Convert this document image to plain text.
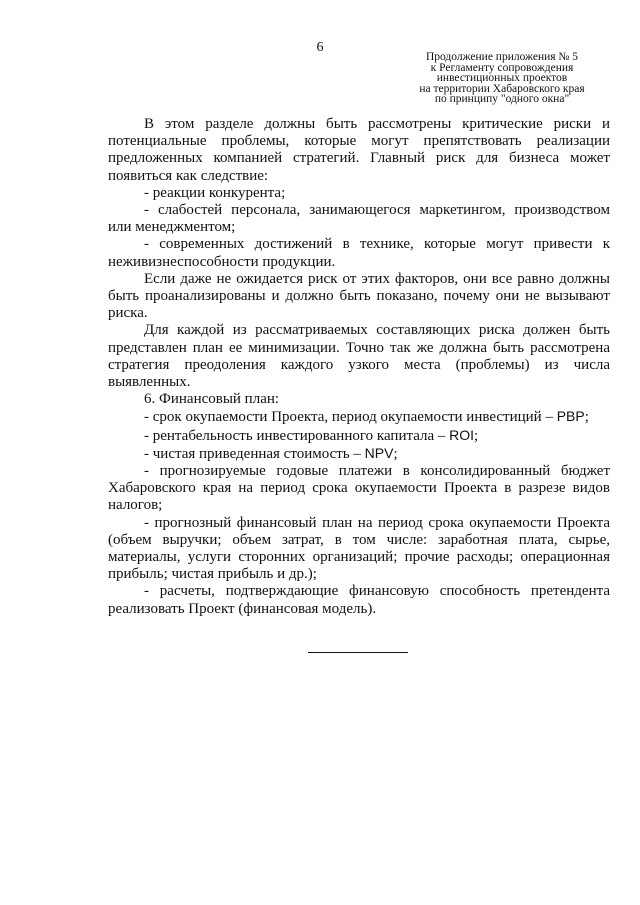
6
Продолжение приложения № 5
к Регламенту сопровождения
инвестиционных проектов
на территории Хабаровского края
по принципу "одного окна"

В этом разделе должны быть рассмотрены критические риски и потенциальные проблемы, которые могут препятствовать реализации предложенных компанией стратегий. Главный риск для бизнеса может появиться как следствие:

- реакции конкурента;

- слабостей персонала, занимающегося маркетингом, производством или менеджментом;

- современных достижений в технике, которые могут привести к неживизнеспособности продукции.

Если даже не ожидается риск от этих факторов, они все равно должны быть проанализированы и должно быть показано, почему они не вызывают риска.

Для каждой из рассматриваемых составляющих риска должен быть представлен план ее минимизации. Точно так же должна быть рассмотрена стратегия преодоления каждого узкого места (проблемы) из числа выявленных.

6. Финансовый план:

- срок окупаемости Проекта, период окупаемости инвестиций – PBP;

- рентабельность инвестированного капитала – ROI;

- чистая приведенная стоимость – NPV;

- прогнозируемые годовые платежи в консолидированный бюджет Хабаровского края на период срока окупаемости Проекта в разрезе видов налогов;

- прогнозный финансовый план на период срока окупаемости Проекта (объем выручки; объем затрат, в том числе: заработная плата, сырье, материалы, услуги сторонних организаций; прочие расходы; операционная прибыль; чистая прибыль и др.);

- расчеты, подтверждающие финансовую способность претендента реализовать Проект (финансовая модель).
